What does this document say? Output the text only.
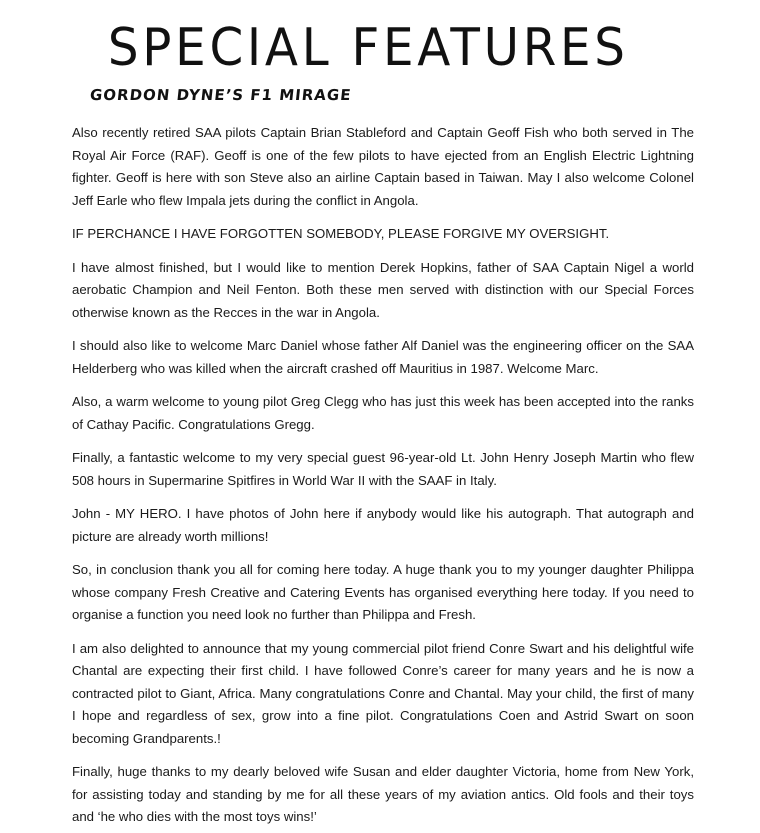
SPECIAL FEATURES
GORDON DYNE’S F1 MIRAGE

Also recently retired SAA pilots Captain Brian Stableford and Captain Geoff Fish who both served in The Royal Air Force (RAF). Geoff is one of the few pilots to have ejected from an English Electric Lightning fighter. Geoff is here with son Steve also an airline Captain based in Taiwan. May I also welcome Colonel Jeff Earle who flew Impala jets during the conflict in Angola.

IF PERCHANCE I HAVE FORGOTTEN SOMEBODY, PLEASE FORGIVE MY OVERSIGHT.

I have almost finished, but I would like to mention Derek Hopkins, father of SAA Captain Nigel a world aerobatic Champion and Neil Fenton. Both these men served with distinction with our Special Forces otherwise known as the Recces in the war in Angola.

I should also like to welcome Marc Daniel whose father Alf Daniel was the engineering officer on the SAA Helderberg who was killed when the aircraft crashed off Mauritius in 1987. Welcome Marc.

Also, a warm welcome to young pilot Greg Clegg who has just this week has been accepted into the ranks of Cathay Pacific. Congratulations Gregg.

Finally, a fantastic welcome to my very special guest 96-year-old Lt. John Henry Joseph Martin who flew 508 hours in Supermarine Spitfires in World War II with the SAAF in Italy.

John - MY HERO. I have photos of John here if anybody would like his autograph. That autograph and picture are already worth millions!

So, in conclusion thank you all for coming here today. A huge thank you to my younger daughter Philippa whose company Fresh Creative and Catering Events has organised everything here today. If you need to organise a function you need look no further than Philippa and Fresh.

I am also delighted to announce that my young commercial pilot friend Conre Swart and his delightful wife Chantal are expecting their first child. I have followed Conre’s career for many years and he is now a contracted pilot to Giant, Africa. Many congratulations Conre and Chantal. May your child, the first of many I hope and regardless of sex, grow into a fine pilot. Congratulations Coen and Astrid Swart on soon becoming Grandparents.!

Finally, huge thanks to my dearly beloved wife Susan and elder daughter Victoria, home from New York, for assisting today and standing by me for all these years of my aviation antics. Old fools and their toys and ‘he who dies with the most toys wins!’
